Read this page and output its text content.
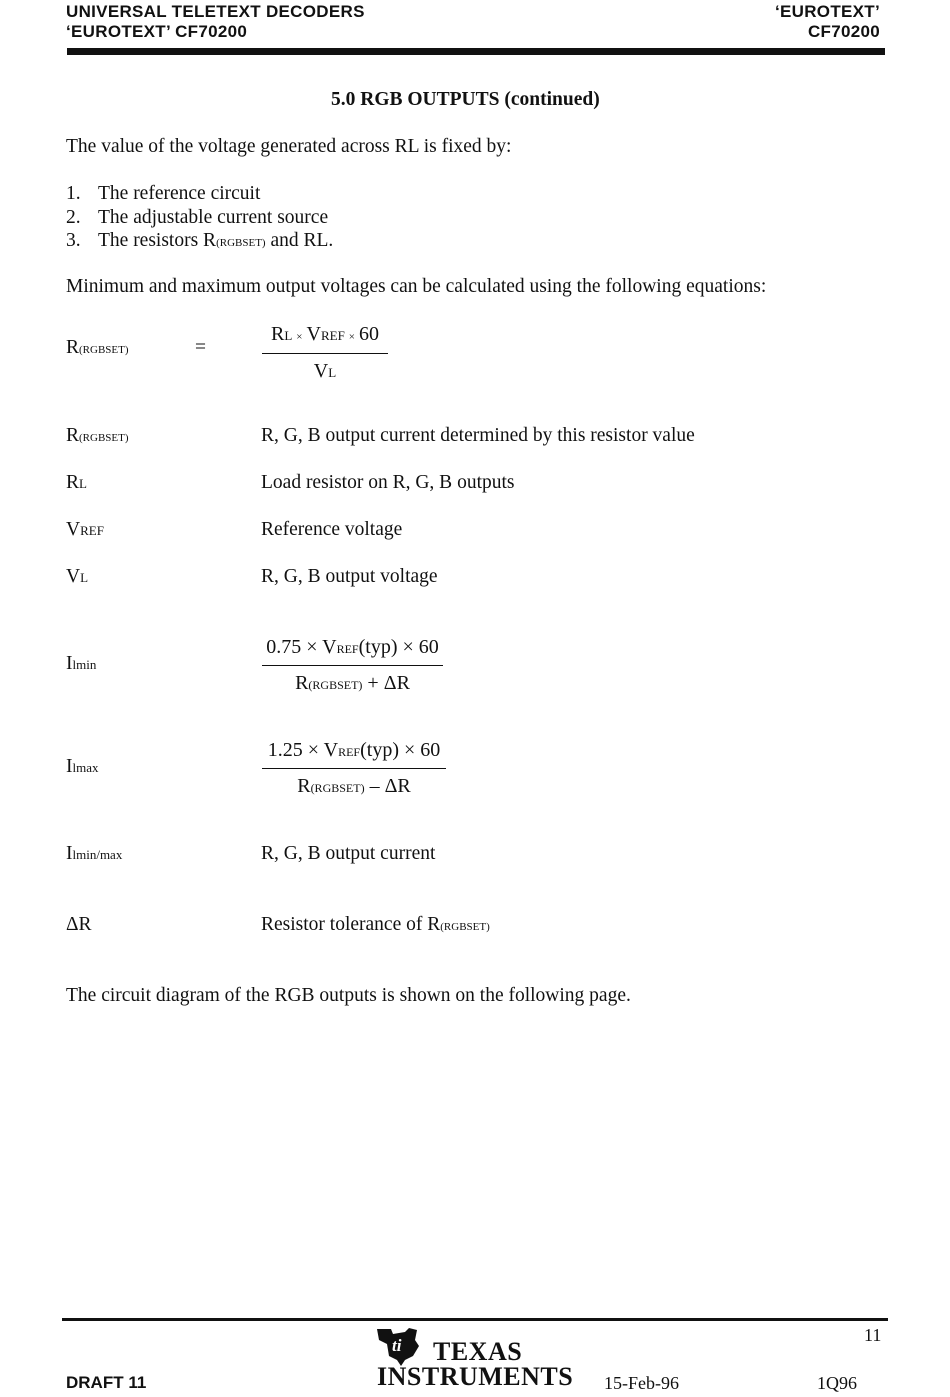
UNIVERSAL TELETEXT DECODERS
‘EUROTEXT’ CF70200
‘EUROTEXT’
CF70200
5.0 RGB OUTPUTS (continued)
The value of the voltage generated across RL is fixed by:
1. The reference circuit
2. The adjustable current source
3. The resistors R(RGBSET) and RL.
Minimum and maximum output voltages can be calculated using the following equations:
R(RGBSET)	=
RL × VREF × 60
VL
R(RGBSET)	R, G, B output current determined by this resistor value
RL	Load resistor on R, G, B outputs
VREF	Reference voltage
VL	R, G, B output voltage
Ilmin
0.75 × VREF(typ) × 60
R(RGBSET) + ΔR
Ilmax
1.25 × VREF(typ) × 60
R(RGBSET) – ΔR
Ilmin/max	R, G, B output current
ΔR	Resistor tolerance of R(RGBSET)
The circuit diagram of the RGB outputs is shown on the following page.
11
DRAFT 11
ti TEXAS
INSTRUMENTS 15-Feb-96	1Q96
